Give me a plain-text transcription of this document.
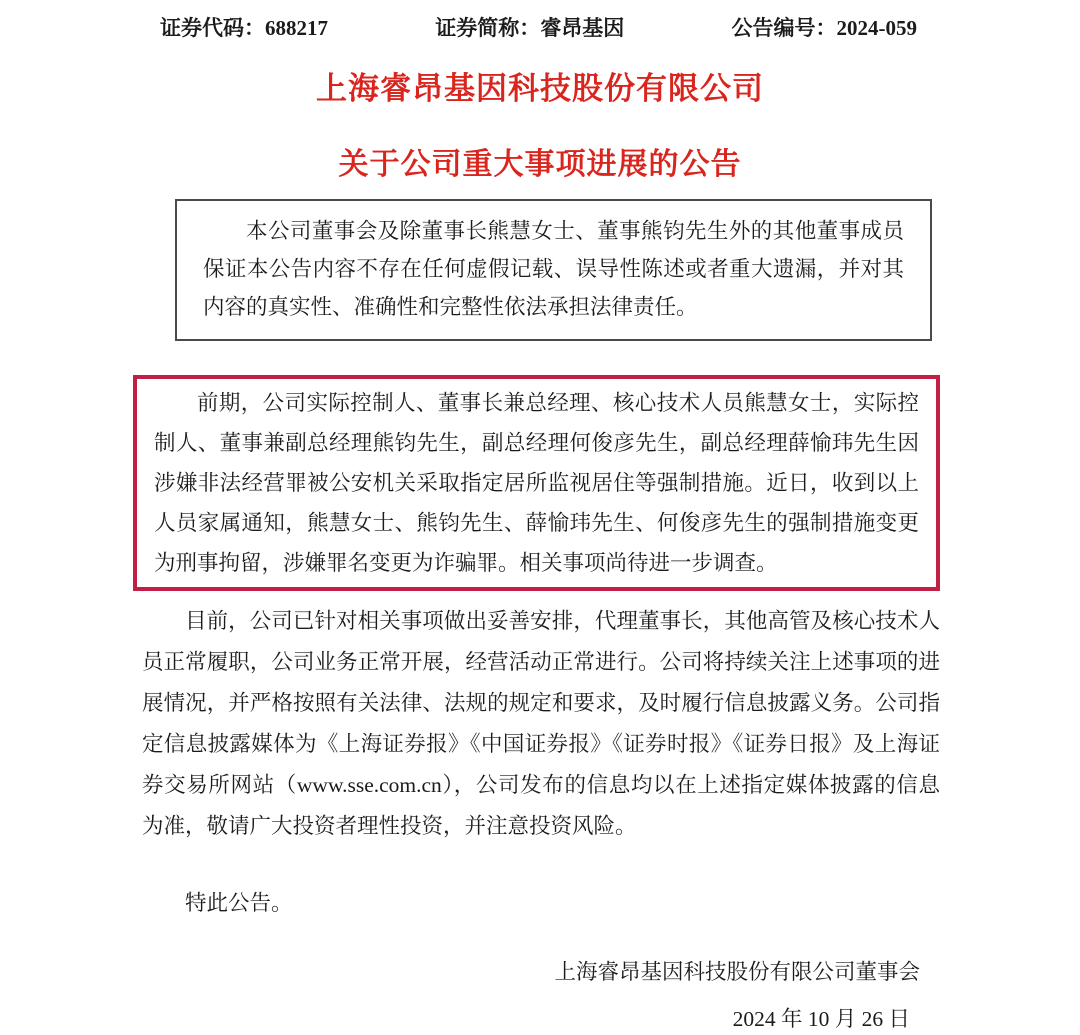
证券代码：688217	证券简称：睿昂基因	公告编号：2024-059
上海睿昂基因科技股份有限公司
关于公司重大事项进展的公告

本公司董事会及除董事长熊慧女士、董事熊钧先生外的其他董事成员保证本公告内容不存在任何虚假记载、误导性陈述或者重大遗漏，并对其内容的真实性、准确性和完整性依法承担法律责任。

前期，公司实际控制人、董事长兼总经理、核心技术人员熊慧女士，实际控制人、董事兼副总经理熊钧先生，副总经理何俊彦先生，副总经理薛愉玮先生因涉嫌非法经营罪被公安机关采取指定居所监视居住等强制措施。近日，收到以上人员家属通知，熊慧女士、熊钧先生、薛愉玮先生、何俊彦先生的强制措施变更为刑事拘留，涉嫌罪名变更为诈骗罪。相关事项尚待进一步调查。

目前，公司已针对相关事项做出妥善安排，代理董事长，其他高管及核心技术人员正常履职，公司业务正常开展，经营活动正常进行。公司将持续关注上述事项的进展情况，并严格按照有关法律、法规的规定和要求，及时履行信息披露义务。公司指定信息披露媒体为《上海证券报》《中国证券报》《证券时报》《证券日报》及上海证券交易所网站（www.sse.com.cn），公司发布的信息均以在上述指定媒体披露的信息为准，敬请广大投资者理性投资，并注意投资风险。

特此公告。

上海睿昂基因科技股份有限公司董事会

2024 年 10 月 26 日
